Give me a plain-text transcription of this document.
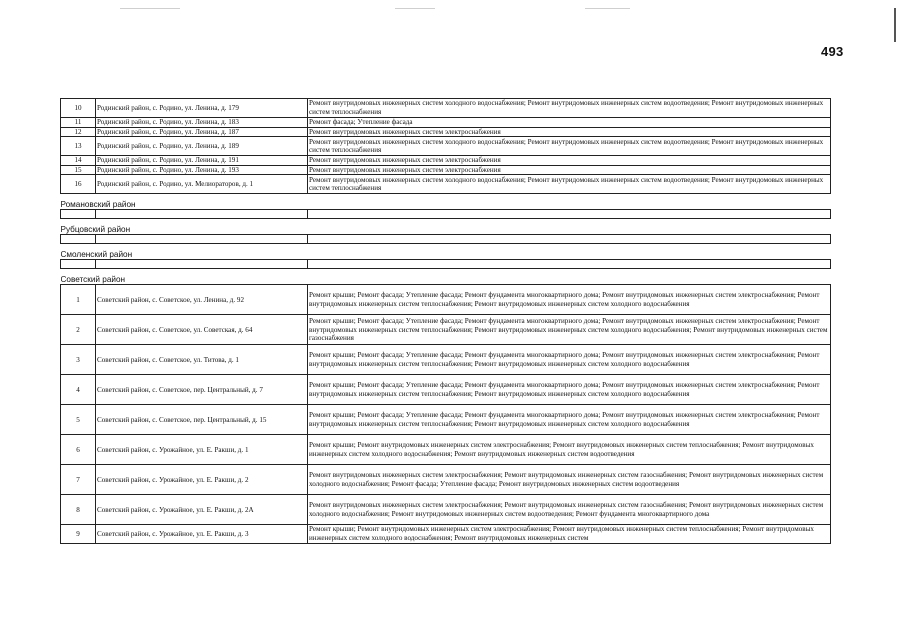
493
10	Родинский район, с. Родино, ул. Ленина, д. 179	Ремонт внутридомовых инженерных систем холодного водоснабжения; Ремонт внутридомовых инженерных систем водоотведения; Ремонт внутридомовых инженерных систем теплоснабжения
11	Родинский район, с. Родино, ул. Ленина, д. 183	Ремонт фасада; Утепление фасада
12	Родинский район, с. Родино, ул. Ленина, д. 187	Ремонт внутридомовых инженерных систем электроснабжения
13	Родинский район, с. Родино, ул. Ленина, д. 189	Ремонт внутридомовых инженерных систем холодного водоснабжения; Ремонт внутридомовых инженерных систем водоотведения; Ремонт внутридомовых инженерных систем теплоснабжения
14	Родинский район, с. Родино, ул. Ленина, д. 191	Ремонт внутридомовых инженерных систем электроснабжения
15	Родинский район, с. Родино, ул. Ленина, д. 193	Ремонт внутридомовых инженерных систем электроснабжения
16	Родинский район, с. Родино, ул. Мелиораторов, д. 1	Ремонт внутридомовых инженерных систем холодного водоснабжения; Ремонт внутридомовых инженерных систем водоотведения; Ремонт внутридомовых инженерных систем теплоснабжения
Романовский район		

Рубцовский район		

Смоленский район		

Советский район		
1	Советский район, с. Советское, ул. Ленина, д. 92	Ремонт крыши; Ремонт фасада; Утепление фасада; Ремонт фундамента многоквартирного дома; Ремонт внутридомовых инженерных систем электроснабжения; Ремонт внутридомовых инженерных систем теплоснабжения; Ремонт внутридомовых инженерных систем холодного водоснабжения
2	Советский район, с. Советское, ул. Советская, д. 64	Ремонт крыши; Ремонт фасада; Утепление фасада; Ремонт фундамента многоквартирного дома; Ремонт внутридомовых инженерных систем электроснабжения; Ремонт внутридомовых инженерных систем теплоснабжения; Ремонт внутридомовых инженерных систем холодного водоснабжения; Ремонт внутридомовых инженерных систем газоснабжения
3	Советский район, с. Советское, ул. Титова, д. 1	Ремонт крыши; Ремонт фасада; Утепление фасада; Ремонт фундамента многоквартирного дома; Ремонт внутридомовых инженерных систем электроснабжения; Ремонт внутридомовых инженерных систем теплоснабжения; Ремонт внутридомовых инженерных систем холодного водоснабжения
4	Советский район, с. Советское, пер. Центральный, д. 7	Ремонт крыши; Ремонт фасада; Утепление фасада; Ремонт фундамента многоквартирного дома; Ремонт внутридомовых инженерных систем электроснабжения; Ремонт внутридомовых инженерных систем теплоснабжения; Ремонт внутридомовых инженерных систем холодного водоснабжения
5	Советский район, с. Советское, пер. Центральный, д. 15	Ремонт крыши; Ремонт фасада; Утепление фасада; Ремонт фундамента многоквартирного дома; Ремонт внутридомовых инженерных систем электроснабжения; Ремонт внутридомовых инженерных систем теплоснабжения; Ремонт внутридомовых инженерных систем холодного водоснабжения
6	Советский район, с. Урожайное, ул. Е. Ракши, д. 1	Ремонт крыши; Ремонт внутридомовых инженерных систем электроснабжения; Ремонт внутридомовых инженерных систем теплоснабжения; Ремонт внутридомовых инженерных систем холодного водоснабжения; Ремонт внутридомовых инженерных систем водоотведения
7	Советский район, с. Урожайное, ул. Е. Ракши, д. 2	Ремонт внутридомовых инженерных систем электроснабжения; Ремонт внутридомовых инженерных систем газоснабжения; Ремонт внутридомовых инженерных систем холодного водоснабжения; Ремонт фасада; Утепление фасада; Ремонт внутридомовых инженерных систем водоотведения
8	Советский район, с. Урожайное, ул. Е. Ракши, д. 2А	Ремонт внутридомовых инженерных систем электроснабжения; Ремонт внутридомовых инженерных систем газоснабжения; Ремонт внутридомовых инженерных систем холодного водоснабжения; Ремонт внутридомовых инженерных систем водоотведения; Ремонт фундамента многоквартирного дома
9	Советский район, с. Урожайное, ул. Е. Ракши, д. 3	Ремонт крыши; Ремонт внутридомовых инженерных систем электроснабжения; Ремонт внутридомовых инженерных систем теплоснабжения; Ремонт внутридомовых инженерных систем холодного водоснабжения; Ремонт внутридомовых инженерных систем
